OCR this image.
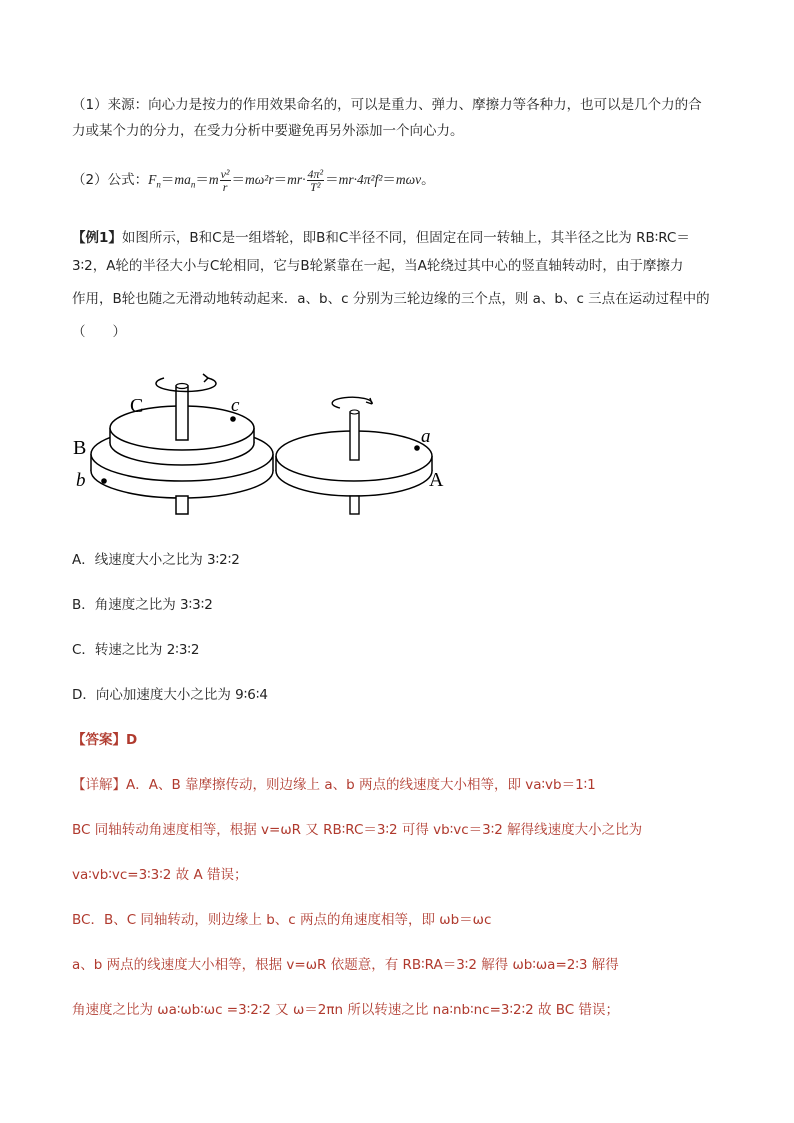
（1）来源：向心力是按力的作用效果命名的，可以是重力、弹力、摩擦力等各种力，也可以是几个力的合
力或某个力的分力，在受力分析中要避免再另外添加一个向心力。
（2）公式：$F_n=ma_n=m \frac{\text{v²}}{r} =m\omega^2r=mr\cdot \frac{\text{4π²}}{\text{T²}} =mr\cdot 4\pi^2f^2=m\omega v$。
【例1】如图所示，B和C是一组塔轮，即B和C半径不同，但固定在同一转轴上，其半径之比为 RB∶RC＝
3∶2，A轮的半径大小与C轮相同，它与B轮紧靠在一起，当A轮绕过其中心的竖直轴转动时，由于摩擦力
作用，B轮也随之无滑动地转动起来．a、b、c 分别为三轮边缘的三个点，则 a、b、c 三点在运动过程中的
（　　）
C	c
B
b
a
A
A．线速度大小之比为 3∶2∶2
B．角速度之比为 3∶3∶2
C．转速之比为 2∶3∶2
D．向心加速度大小之比为 9∶6∶4
【答案】D
【详解】A．A、B 靠摩擦传动，则边缘上 a、b 两点的线速度大小相等，即 va∶vb＝1∶1
BC 同轴转动角速度相等，根据 v=ωR 又 RB∶RC＝3∶2 可得 vb∶vc＝3∶2 解得线速度大小之比为
va∶vb∶vc=3∶3∶2 故 A 错误；
BC．B、C 同轴转动，则边缘上 b、c 两点的角速度相等，即 ωb＝ωc
a、b 两点的线速度大小相等，根据 v=ωR 依题意，有 RB∶RA＝3∶2 解得 ωb∶ωa=2∶3 解得
角速度之比为 ωa∶ωb∶ωc =3∶2∶2 又 ω＝2πn 所以转速之比 na∶nb∶nc=3∶2∶2 故 BC 错误；
